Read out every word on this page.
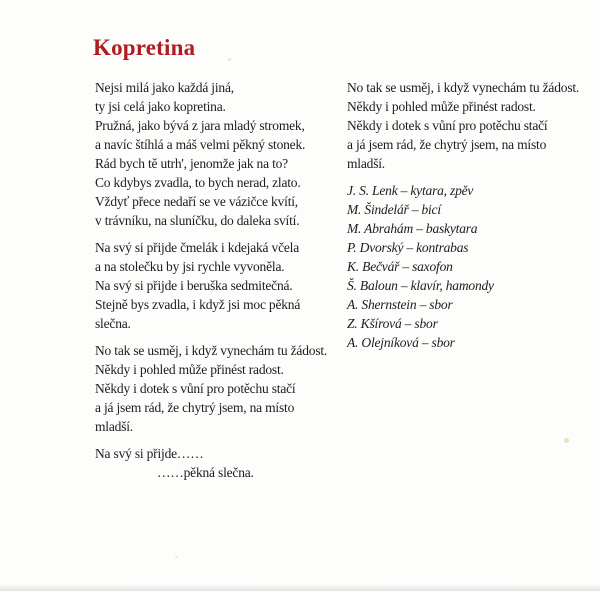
Kopretina
Nejsi milá jako každá jiná,
ty jsi celá jako kopretina.
Pružná, jako bývá z jara mladý stromek,
a navíc štíhlá a máš velmi pěkný stonek.
Rád bych tě utrh', jenomže jak na to?
Co kdybys zvadla, to bych nerad, zlato.
Vždyť přece nedaří se ve vázičce kvítí,
v trávníku, na sluníčku, do daleka svítí.
Na svý si přijde čmelák i kdejaká včela
a na stolečku by jsi rychle vyvoněla.
Na svý si přijde i beruška sedmitečná.
Stejně bys zvadla, i když jsi moc pěkná
slečna.
No tak se usměj, i když vynechám tu žádost.
Někdy i pohled může přinést radost.
Někdy i dotek s vůní pro potěchu stačí
a já jsem rád, že chytrý jsem, na místo
mladší.
Na svý si přijde……
……pěkná slečna.
No tak se usměj, i když vynechám tu žádost.
Někdy i pohled může přinést radost.
Někdy i dotek s vůní pro potěchu stačí
a já jsem rád, že chytrý jsem, na místo
mladší.
J. S. Lenk – kytara, zpěv
M. Šindelář – bicí
M. Abrahám – baskytara
P. Dvorský – kontrabas
K. Bečvář – saxofon
Š. Baloun – klavír, hamondy
A. Shernstein – sbor
Z. Kšírová – sbor
A. Olejníková – sbor
